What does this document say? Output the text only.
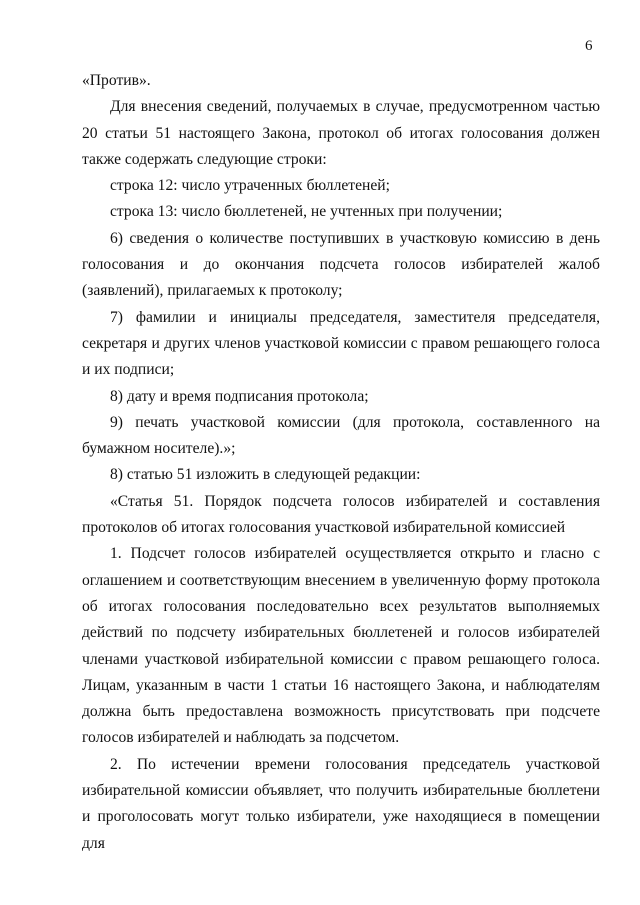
6

«Против».

Для внесения сведений, получаемых в случае, предусмотренном частью 20 статьи 51 настоящего Закона, протокол об итогах голосования должен также содержать следующие строки:

строка 12: число утраченных бюллетеней;

строка 13: число бюллетеней, не учтенных при получении;

6) сведения о количестве поступивших в участковую комиссию в день голосования и до окончания подсчета голосов избирателей жалоб (заявлений), прилагаемых к протоколу;

7) фамилии и инициалы председателя, заместителя председателя, секретаря и других членов участковой комиссии с правом решающего голоса и их подписи;

8) дату и время подписания протокола;

9) печать участковой комиссии (для протокола, составленного на бумажном носителе).»;

8) статью 51 изложить в следующей редакции:

«Статья 51. Порядок подсчета голосов избирателей и составления протоколов об итогах голосования участковой избирательной комиссией

1. Подсчет голосов избирателей осуществляется открыто и гласно с оглашением и соответствующим внесением в увеличенную форму протокола об итогах голосования последовательно всех результатов выполняемых действий по подсчету избирательных бюллетеней и голосов избирателей членами участковой избирательной комиссии с правом решающего голоса. Лицам, указанным в части 1 статьи 16 настоящего Закона, и наблюдателям должна быть предоставлена возможность присутствовать при подсчете голосов избирателей и наблюдать за подсчетом.

2. По истечении времени голосования председатель участковой избирательной комиссии объявляет, что получить избирательные бюллетени и проголосовать могут только избиратели, уже находящиеся в помещении для
